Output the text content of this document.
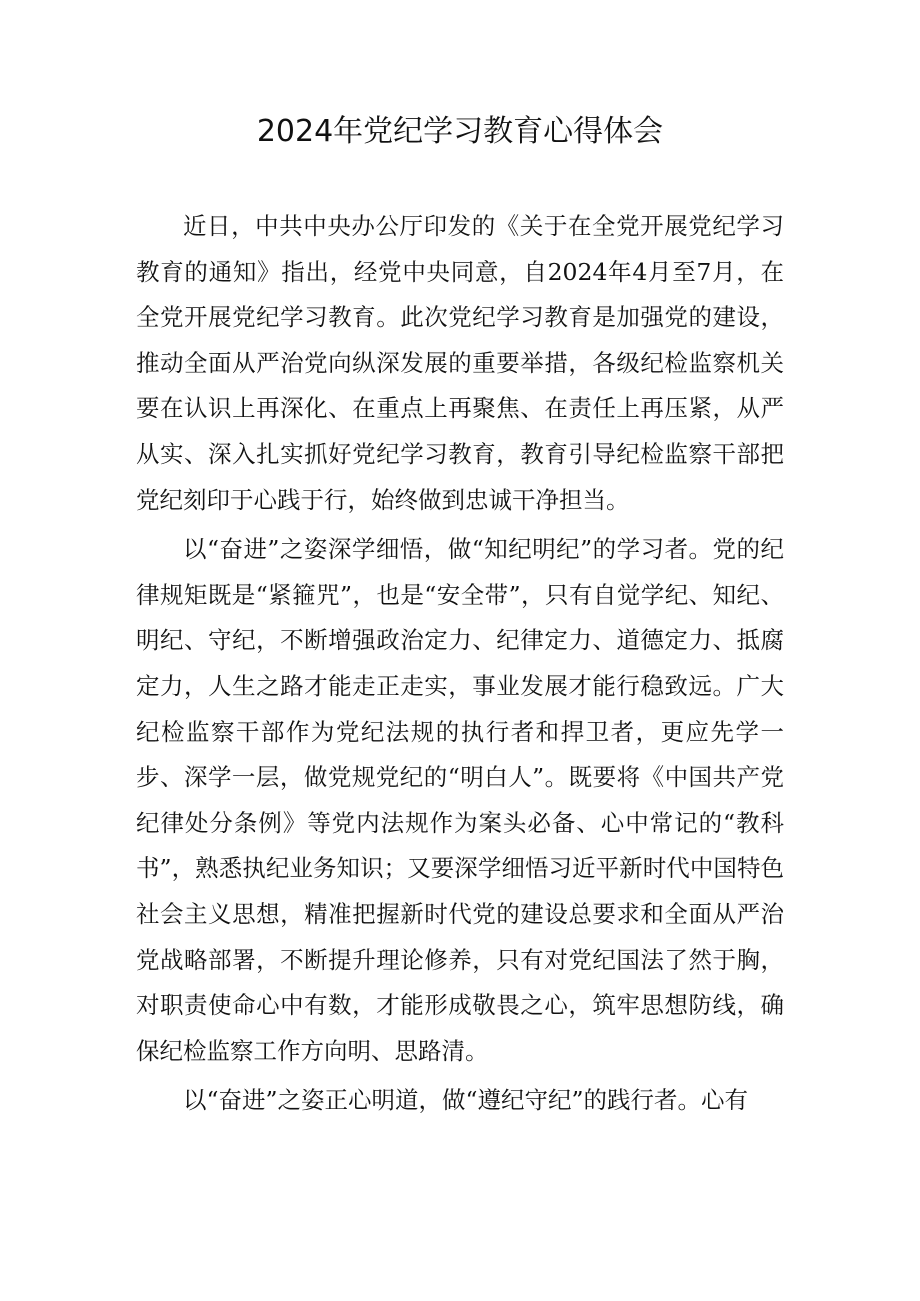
2024年党纪学习教育心得体会

近日，中共中央办公厅印发的《关于在全党开展党纪学习教育的通知》指出，经党中央同意，自2024年4月至7月，在全党开展党纪学习教育。此次党纪学习教育是加强党的建设，推动全面从严治党向纵深发展的重要举措，各级纪检监察机关要在认识上再深化、在重点上再聚焦、在责任上再压紧，从严从实、深入扎实抓好党纪学习教育，教育引导纪检监察干部把党纪刻印于心践于行，始终做到忠诚干净担当。

以“奋进”之姿深学细悟，做“知纪明纪”的学习者。党的纪律规矩既是“紧箍咒”，也是“安全带”，只有自觉学纪、知纪、明纪、守纪，不断增强政治定力、纪律定力、道德定力、抵腐定力，人生之路才能走正走实，事业发展才能行稳致远。广大纪检监察干部作为党纪法规的执行者和捍卫者，更应先学一步、深学一层，做党规党纪的“明白人”。既要将《中国共产党纪律处分条例》等党内法规作为案头必备、心中常记的“教科书”，熟悉执纪业务知识；又要深学细悟习近平新时代中国特色社会主义思想，精准把握新时代党的建设总要求和全面从严治党战略部署，不断提升理论修养，只有对党纪国法了然于胸，对职责使命心中有数，才能形成敬畏之心，筑牢思想防线，确保纪检监察工作方向明、思路清。

以“奋进”之姿正心明道，做“遵纪守纪”的践行者。心有
